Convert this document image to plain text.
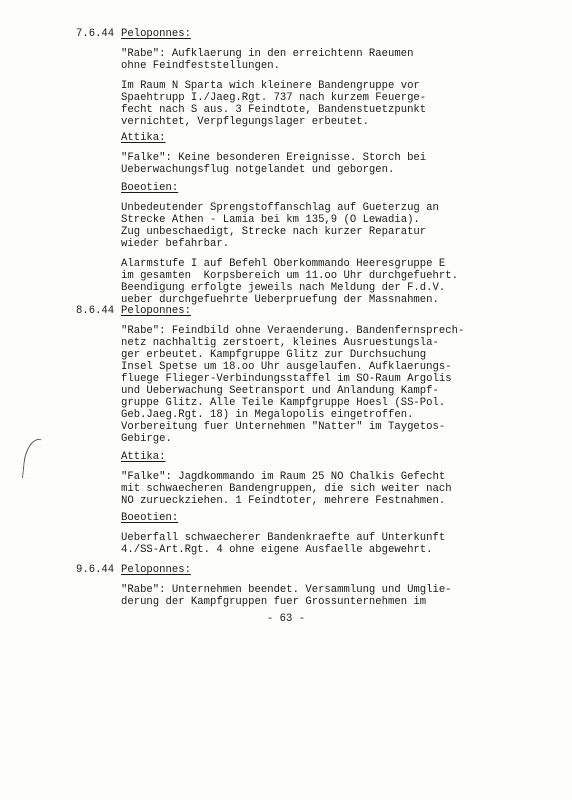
7.6.44 Peloponnes:
"Rabe": Aufklaerung in den erreichtenn Raeumen
ohne Feindfeststellungen.
Im Raum N Sparta wich kleinere Bandengruppe vor
Spaehtrupp I./Jaeg.Rgt. 737 nach kurzem Feuerge-
fecht nach S aus. 3 Feindtote, Bandenstuetzpunkt
vernichtet, Verpflegungslager erbeutet.
Attika:
"Falke": Keine besonderen Ereignisse. Storch bei
Ueberwachungsflug notgelandet und geborgen.
Boeotien:
Unbedeutender Sprengstoffanschlag auf Gueterzug an
Strecke Athen - Lamia bei km 135,9 (O Lewadia).
Zug unbeschaedigt, Strecke nach kurzer Reparatur
wieder befahrbar.
Alarmstufe I auf Befehl Oberkommando Heeresgruppe E
im gesamten  Korpsbereich um 11.oo Uhr durchgefuehrt.
Beendigung erfolgte jeweils nach Meldung der F.d.V.
ueber durchgefuehrte Ueberpruefung der Massnahmen.
8.6.44 Peloponnes:
"Rabe": Feindbild ohne Veraenderung. Bandenfernsprech-
netz nachhaltig zerstoert, kleines Ausruestungsla-
ger erbeutet. Kampfgruppe Glitz zur Durchsuchung
Insel Spetse um 18.oo Uhr ausgelaufen. Aufklaerungs-
fluege Flieger-Verbindungsstaffel im SO-Raum Argolis
und Ueberwachung Seetransport und Anlandung Kampf-
gruppe Glitz. Alle Teile Kampfgruppe Hoesl (SS-Pol.
Geb.Jaeg.Rgt. 18) in Megalopolis eingetroffen.
Vorbereitung fuer Unternehmen "Natter" im Taygetos-
Gebirge.
Attika:
"Falke": Jagdkommando im Raum 25 NO Chalkis Gefecht
mit schwaecheren Bandengruppen, die sich weiter nach
NO zurueckziehen. 1 Feindtoter, mehrere Festnahmen.
Boeotien:
Ueberfall schwaecherer Bandenkraefte auf Unterkunft
4./SS-Art.Rgt. 4 ohne eigene Ausfaelle abgewehrt.
9.6.44 Peloponnes:
"Rabe": Unternehmen beendet. Versammlung und Umglie-
derung der Kampfgruppen fuer Grossunternehmen im
- 63 -
